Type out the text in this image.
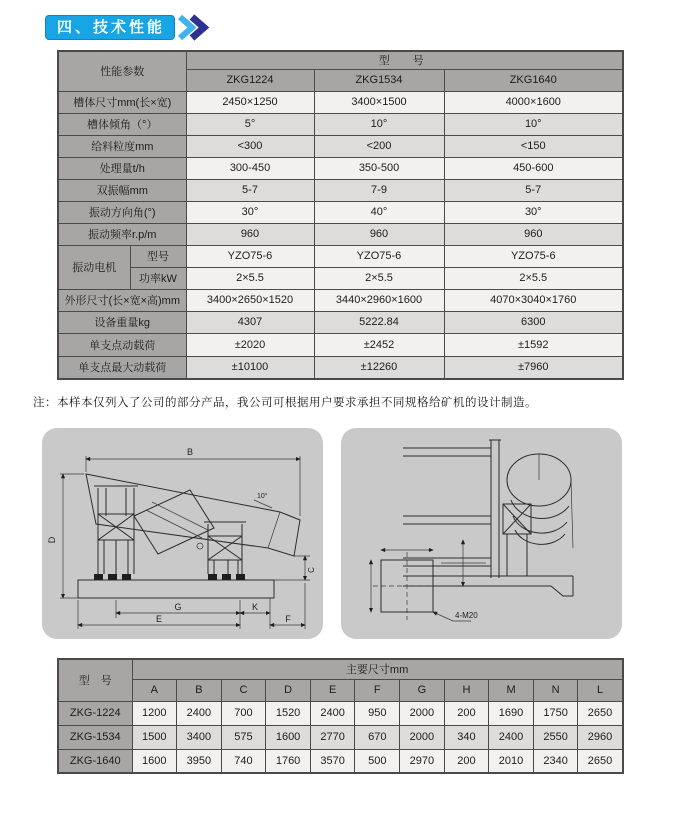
四、技术性能
性能参数		型　号		
		ZKG1224	ZKG1534	ZKG1640
槽体尺寸mm(长×宽)		2450×1250	3400×1500	4000×1600
槽体倾角（°）		5°	10°	10°
给料粒度mm		<300	<200	<150
处理量t/h		300-450	350-500	450-600
双振幅mm		5-7	7-9	5-7
振动方向角(°)		30°	40°	30°
振动频率r.p/m		960	960	960
振动电机	型号	YZO75-6	YZO75-6	YZO75-6
	功率kW	2×5.5	2×5.5	2×5.5
外形尺寸(长×宽×高)mm		3400×2650×1520	3440×2960×1600	4070×3040×1760
设备重量kg		4307	5222.84	6300
单支点动载荷		±2020	±2452	±1592
单支点最大动载荷		±10100	±12260	±7960
注：本样本仅列入了公司的部分产品，我公司可根据用户要求承担不同规格给矿机的设计制造。
10°
B
D
C
G	K
E	F	4-M20
型　号	主要尺寸mm										
	A	B	C	D	E	F	G	H	M	N	L
ZKG-1224	1200	2400	700	1520	2400	950	2000	200	1690	1750	2650
ZKG-1534	1500	3400	575	1600	2770	670	2000	340	2400	2550	2960
ZKG-1640	1600	3950	740	1760	3570	500	2970	200	2010	2340	2650
